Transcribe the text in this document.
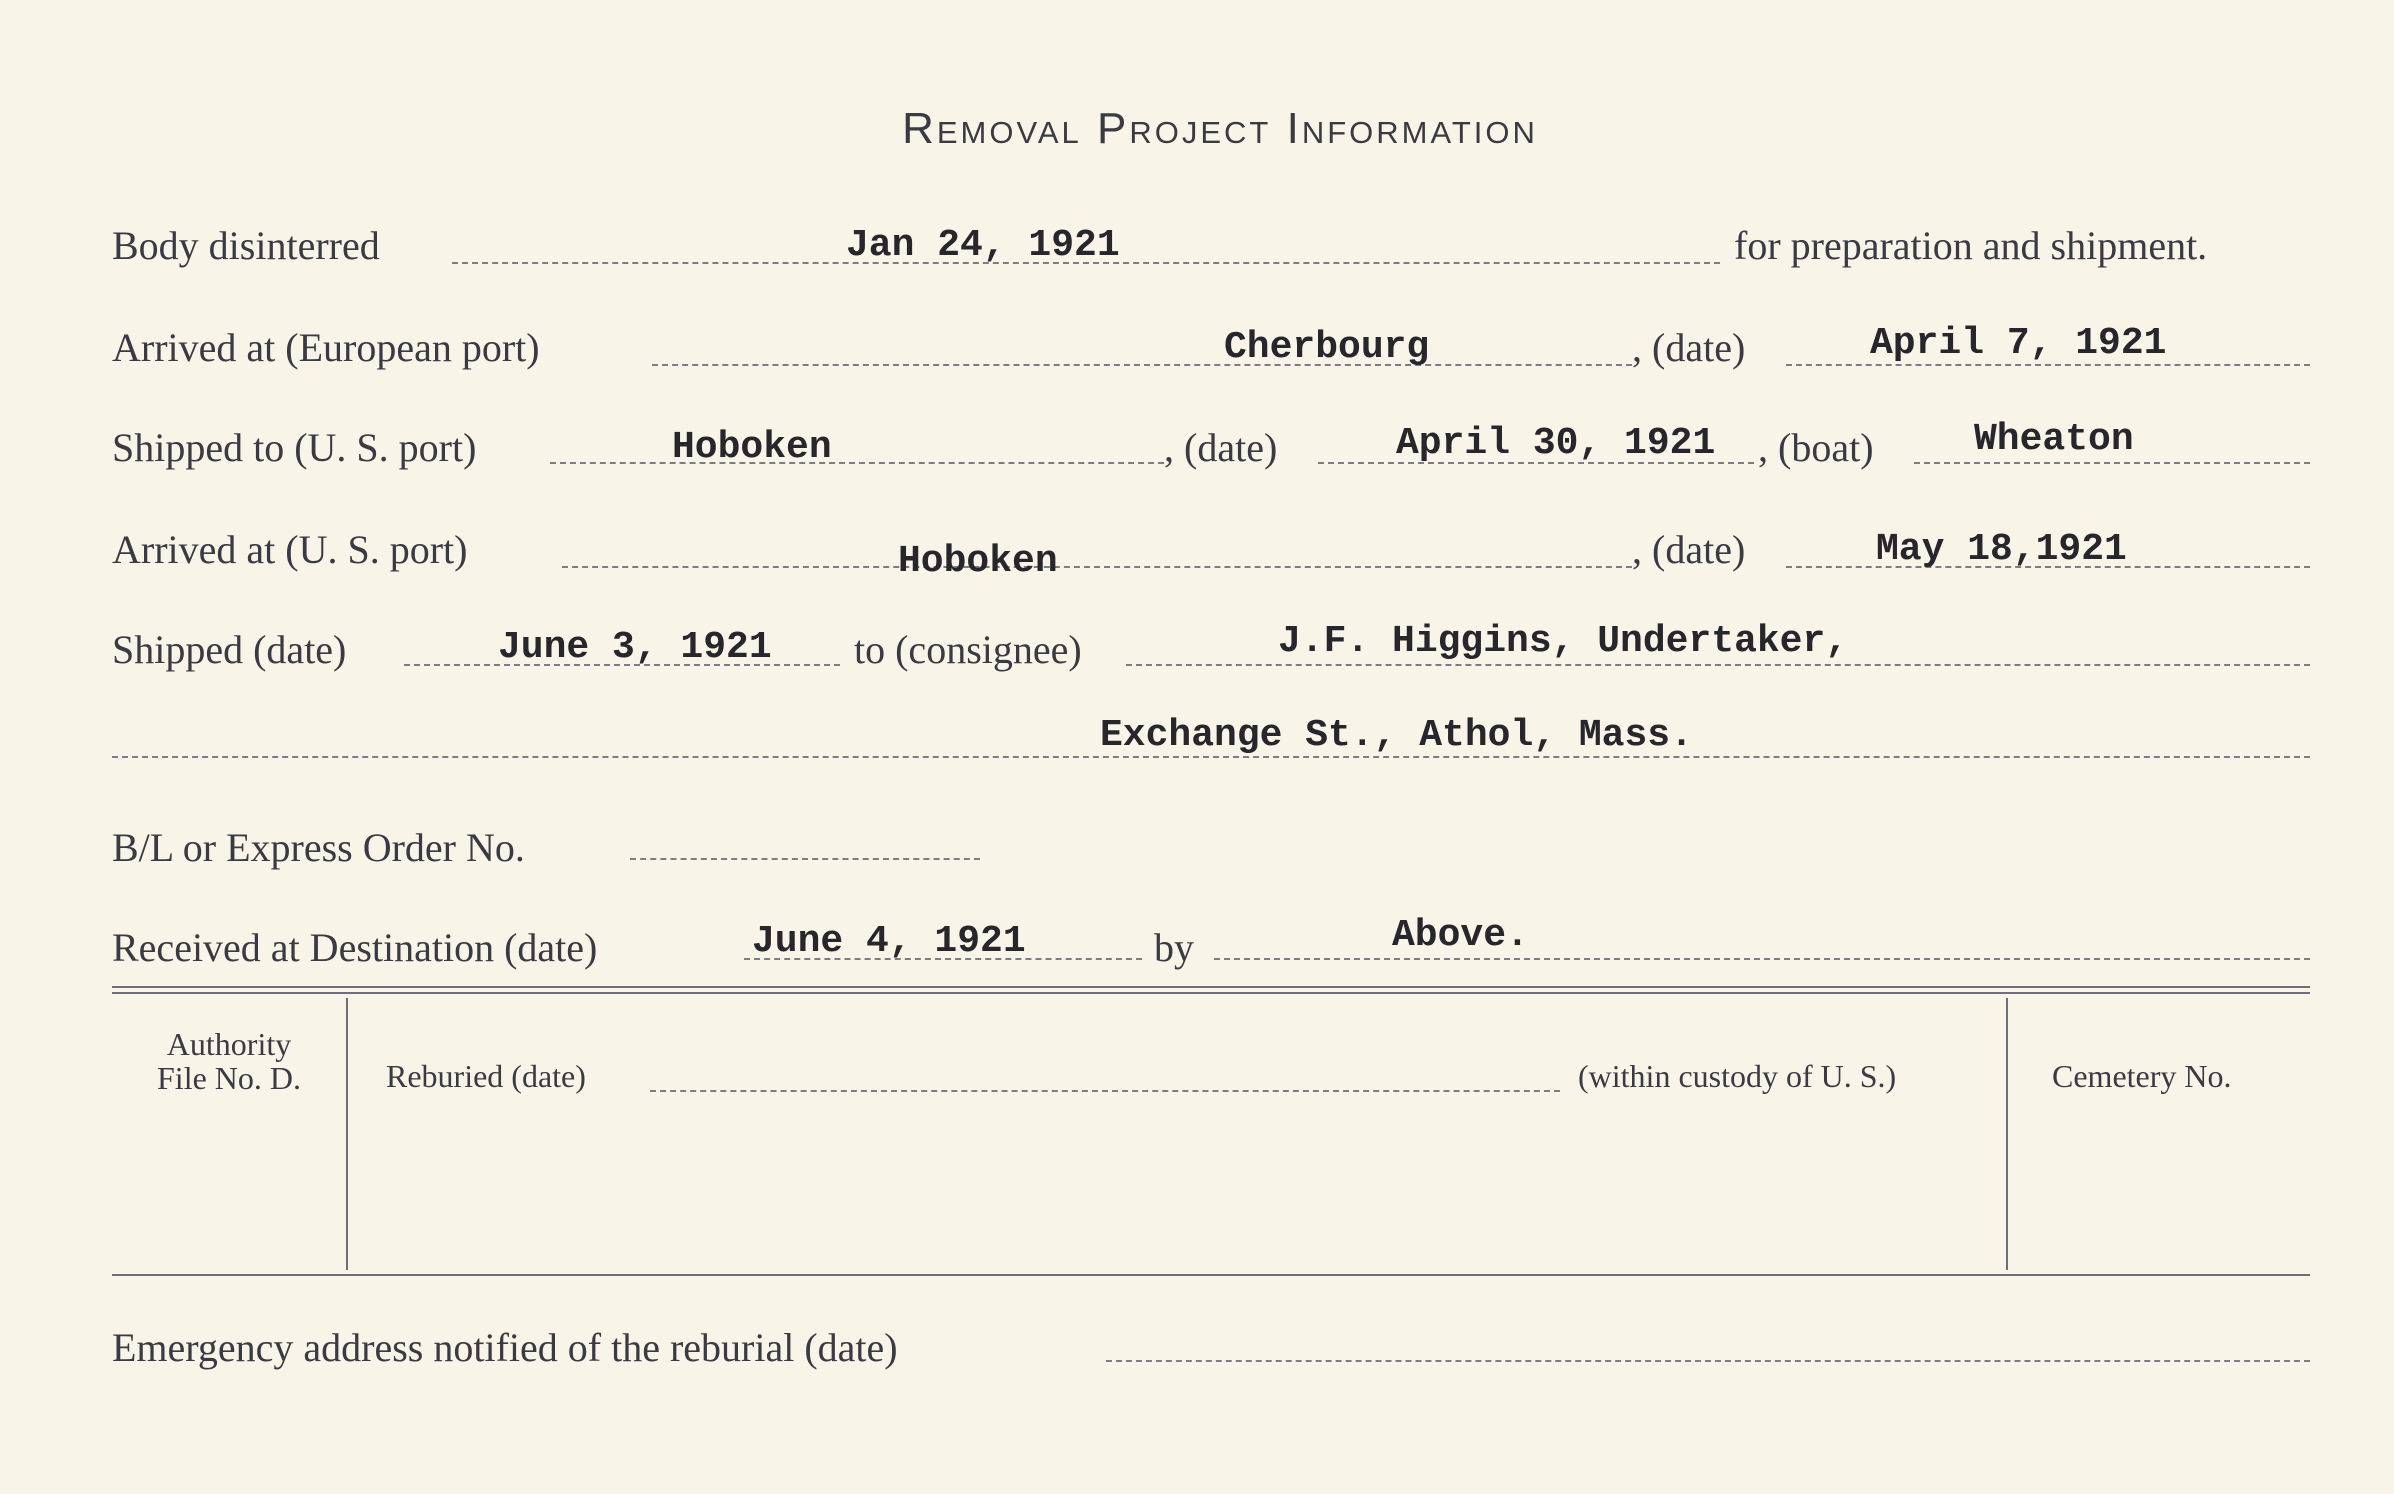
Removal Project Information
Body disinterred	Jan 24, 1921	for preparation and shipment.
Arrived at (European port)	Cherbourg	, (date)	April 7, 1921
Shipped to (U. S. port)	Hoboken	, (date)	April 30, 1921 , (boat)	Wheaton
Arrived at (U. S. port)	Hoboken	, (date)	May 18,1921
Shipped (date)	June 3, 1921 to (consignee)	J.F. Higgins, Undertaker,
Exchange St., Athol, Mass.
B/L or Express Order No.
Received at Destination (date)	June 4, 1921	by	Above.
Authority
File No. D.	Reburied (date)	(within custody of U. S.)	Cemetery No.
Emergency address notified of the reburial (date)
